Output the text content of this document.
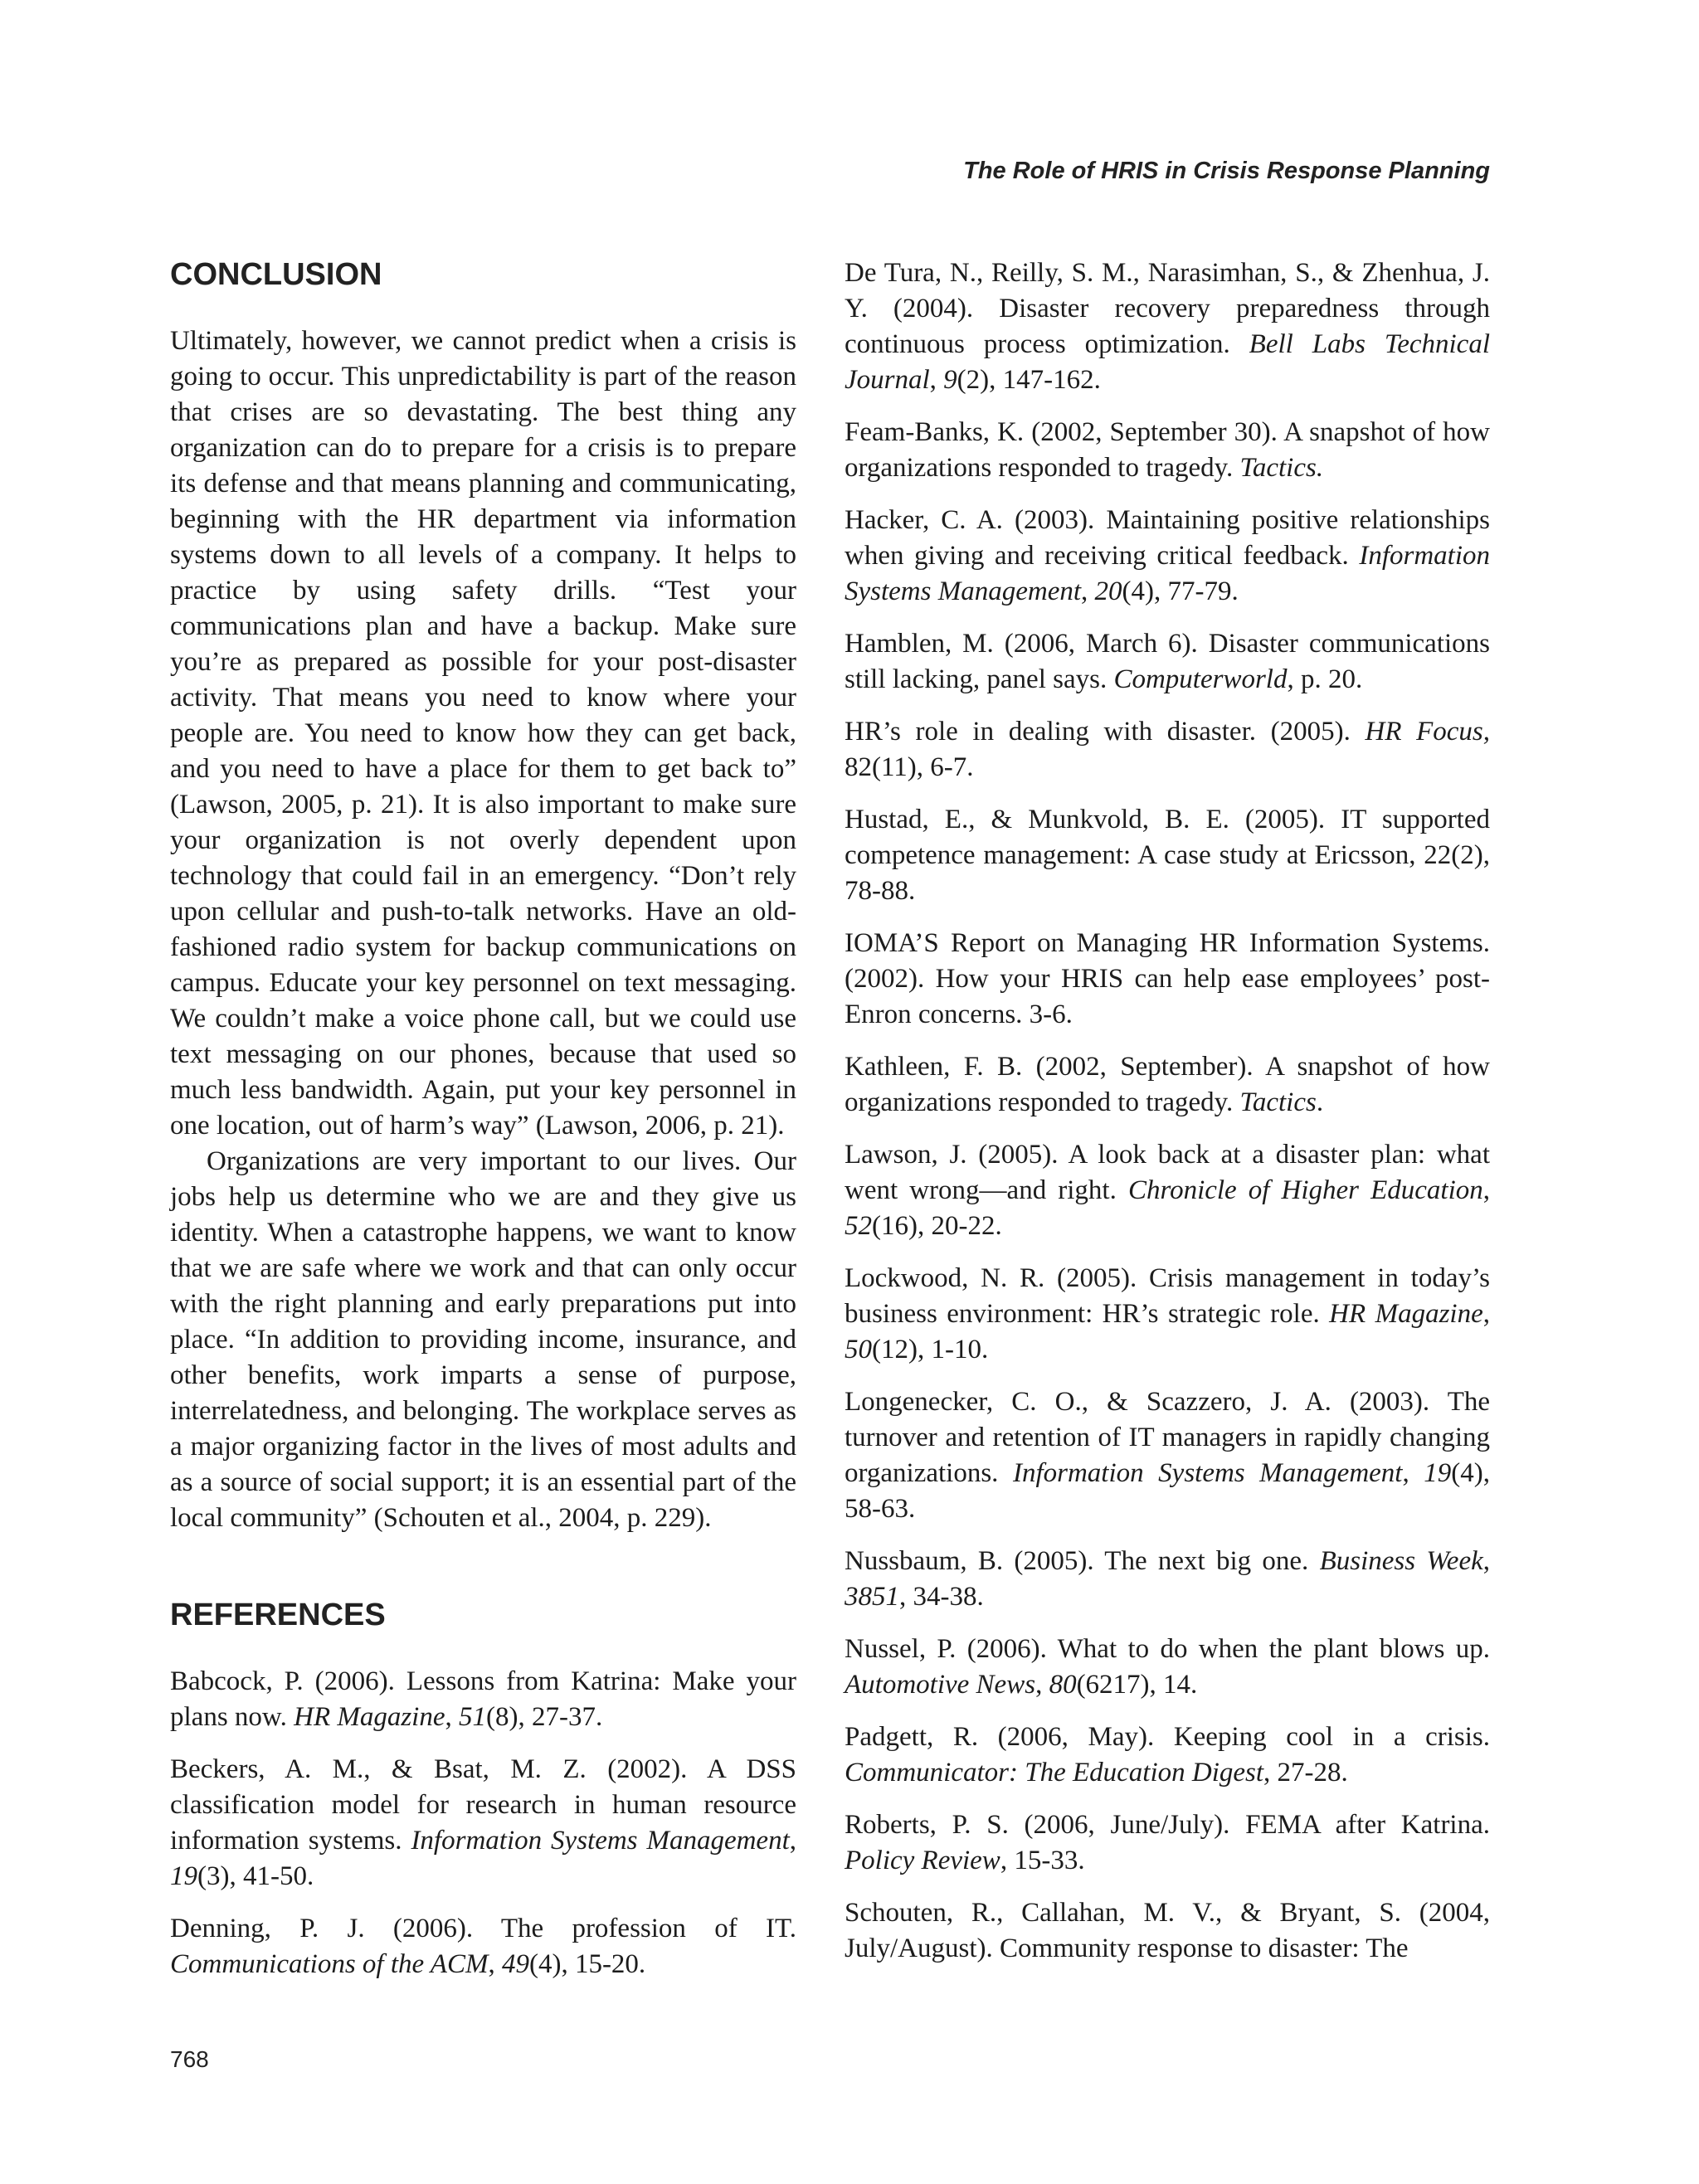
The Role of HRIS in Crisis Response Planning
CONCLUSION

Ultimately, however, we cannot predict when a crisis is going to occur. This unpredictability is part of the reason that crises are so devastating. The best thing any organization can do to prepare for a crisis is to prepare its defense and that means planning and communicating, beginning with the HR department via information systems down to all levels of a company. It helps to practice by using safety drills. “Test your communications plan and have a backup. Make sure you’re as prepared as possible for your post-disaster activity. That means you need to know where your people are. You need to know how they can get back, and you need to have a place for them to get back to” (Lawson, 2005, p. 21). It is also important to make sure your organization is not overly dependent upon technology that could fail in an emergency. “Don’t rely upon cellular and push-to-talk networks. Have an old-fashioned radio system for backup communications on campus. Educate your key personnel on text messaging. We couldn’t make a voice phone call, but we could use text messaging on our phones, because that used so much less bandwidth. Again, put your key personnel in one location, out of harm’s way” (Lawson, 2006, p. 21).

Organizations are very important to our lives. Our jobs help us determine who we are and they give us identity. When a catastrophe happens, we want to know that we are safe where we work and that can only occur with the right planning and early preparations put into place. “In addition to providing income, insurance, and other benefits, work imparts a sense of purpose, interrelatedness, and belonging. The workplace serves as a major organizing factor in the lives of most adults and as a source of social support; it is an essential part of the local community” (Schouten et al., 2004, p. 229).

REFERENCES

Babcock, P. (2006). Lessons from Katrina: Make your plans now. HR Magazine, 51(8), 27-37.

Beckers, A. M., & Bsat, M. Z. (2002). A DSS classification model for research in human resource information systems. Information Systems Management, 19(3), 41-50.

Denning, P. J. (2006). The profession of IT. Communications of the ACM, 49(4), 15-20.

De Tura, N., Reilly, S. M., Narasimhan, S., & Zhenhua, J. Y. (2004). Disaster recovery preparedness through continuous process optimization. Bell Labs Technical Journal, 9(2), 147-162.

Feam-Banks, K. (2002, September 30). A snapshot of how organizations responded to tragedy. Tactics.

Hacker, C. A. (2003). Maintaining positive relationships when giving and receiving critical feedback. Information Systems Management, 20(4), 77-79.

Hamblen, M. (2006, March 6). Disaster communications still lacking, panel says. Computerworld, p. 20.

HR’s role in dealing with disaster. (2005). HR Focus, 82(11), 6-7.

Hustad, E., & Munkvold, B. E. (2005). IT supported competence management: A case study at Ericsson, 22(2), 78-88.

IOMA’S Report on Managing HR Information Systems. (2002). How your HRIS can help ease employees’ post-Enron concerns. 3-6.

Kathleen, F. B. (2002, September). A snapshot of how organizations responded to tragedy. Tactics.

Lawson, J. (2005). A look back at a disaster plan: what went wrong—and right. Chronicle of Higher Education, 52(16), 20-22.

Lockwood, N. R. (2005). Crisis management in today’s business environment: HR’s strategic role. HR Magazine, 50(12), 1-10.

Longenecker, C. O., & Scazzero, J. A. (2003). The turnover and retention of IT managers in rapidly changing organizations. Information Systems Management, 19(4), 58-63.

Nussbaum, B. (2005). The next big one. Business Week, 3851, 34-38.

Nussel, P. (2006). What to do when the plant blows up. Automotive News, 80(6217), 14.

Padgett, R. (2006, May). Keeping cool in a crisis. Communicator: The Education Digest, 27-28.

Roberts, P. S. (2006, June/July). FEMA after Katrina. Policy Review, 15-33.

Schouten, R., Callahan, M. V., & Bryant, S. (2004, July/August). Community response to disaster: The

768
